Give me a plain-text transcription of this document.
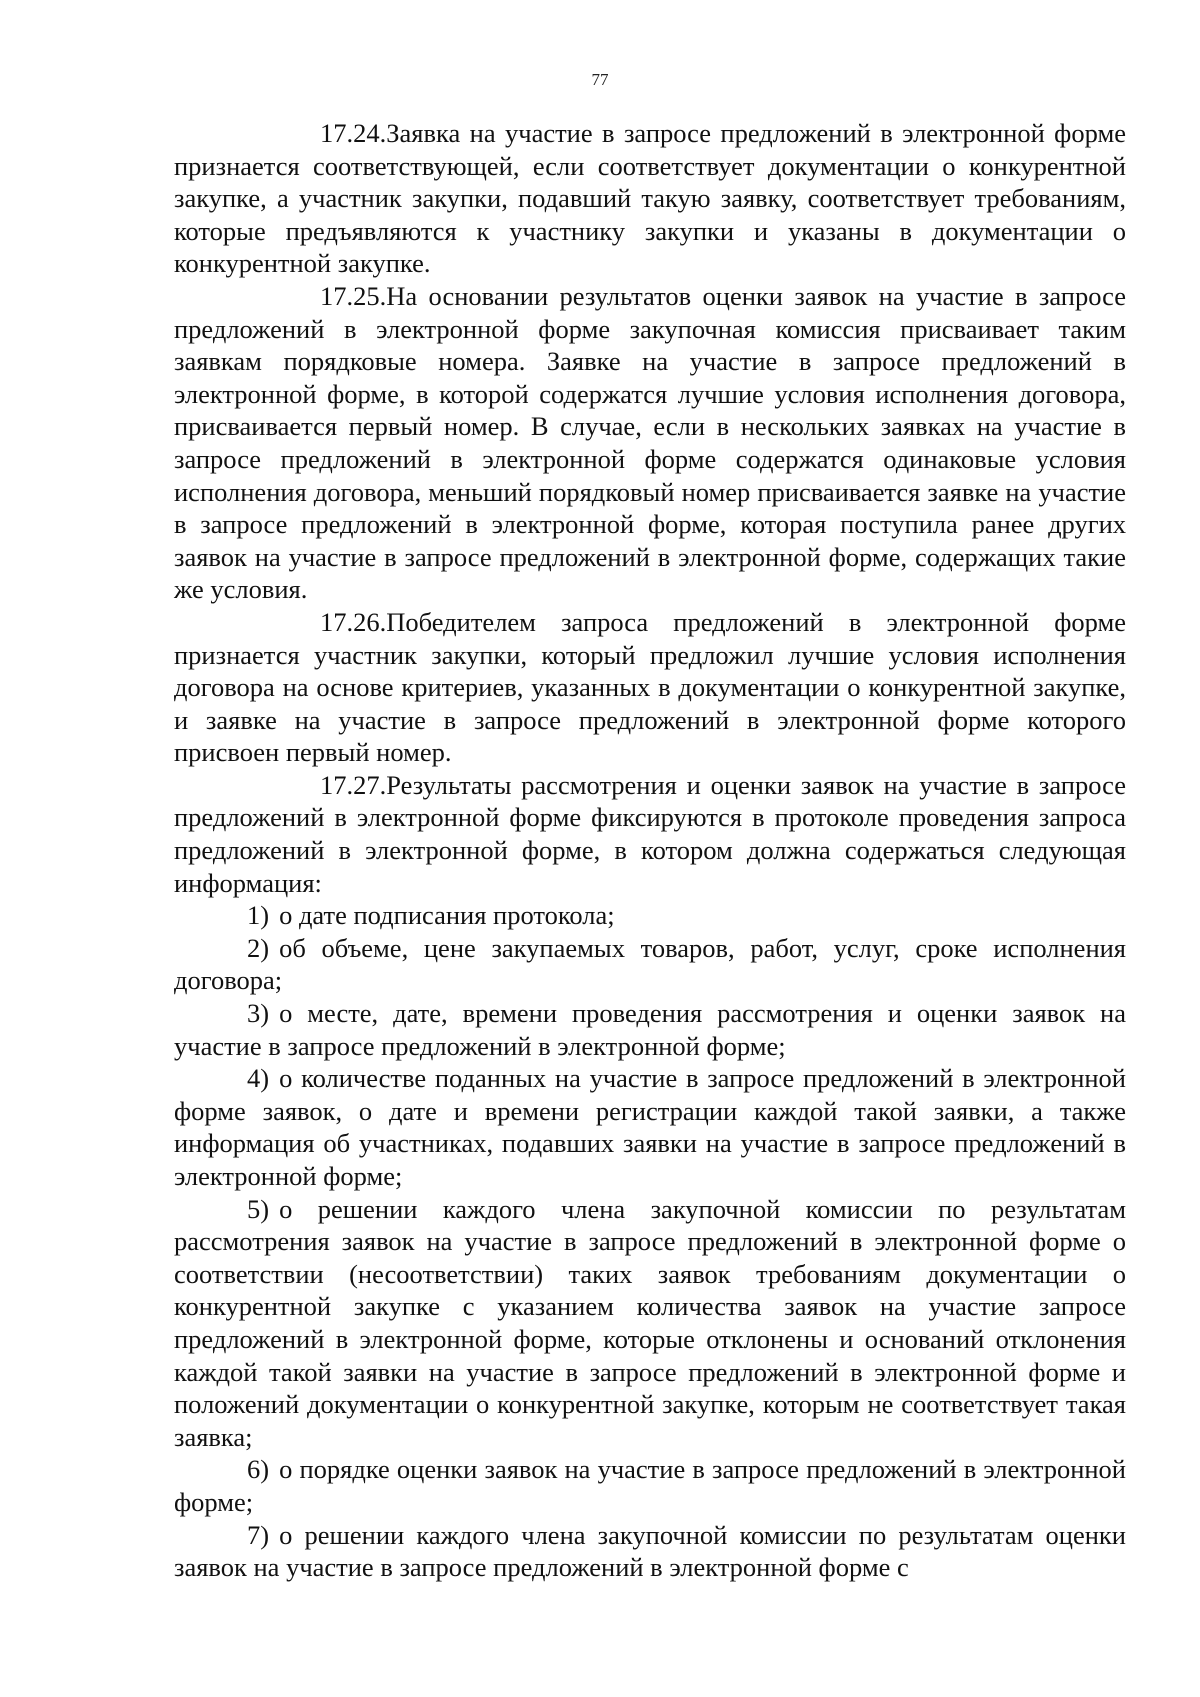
77

17.24.Заявка на участие в запросе предложений в электронной форме признается соответствующей, если соответствует документации о конкурентной закупке, а участник закупки, подавший такую заявку, соответствует требованиям, которые предъявляются к участнику закупки и указаны в документации о конкурентной закупке.

17.25.На основании результатов оценки заявок на участие в запросе предложений в электронной форме закупочная комиссия присваивает таким заявкам порядковые номера. Заявке на участие в запросе предложений в электронной форме, в которой содержатся лучшие условия исполнения договора, присваивается первый номер. В случае, если в нескольких заявках на участие в запросе предложений в электронной форме содержатся одинаковые условия исполнения договора, меньший порядковый номер присваивается заявке на участие в запросе предложений в электронной форме, которая поступила ранее других заявок на участие в запросе предложений в электронной форме, содержащих такие же условия.

17.26.Победителем запроса предложений в электронной форме признается участник закупки, который предложил лучшие условия исполнения договора на основе критериев, указанных в документации о конкурентной закупке, и заявке на участие в запросе предложений в электронной форме которого присвоен первый номер.

17.27.Результаты рассмотрения и оценки заявок на участие в запросе предложений в электронной форме фиксируются в протоколе проведения запроса предложений в электронной форме, в котором должна содержаться следующая информация:

1) о дате подписания протокола;

2) об объеме, цене закупаемых товаров, работ, услуг, сроке исполнения договора;

3) о месте, дате, времени проведения рассмотрения и оценки заявок на участие в запросе предложений в электронной форме;

4) о количестве поданных на участие в запросе предложений в электронной форме заявок, о дате и времени регистрации каждой такой заявки, а также информация об участниках, подавших заявки на участие в запросе предложений в электронной форме;

5) о решении каждого члена закупочной комиссии по результатам рассмотрения заявок на участие в запросе предложений в электронной форме о соответствии (несоответствии) таких заявок требованиям документации о конкурентной закупке с указанием количества заявок на участие запросе предложений в электронной форме, которые отклонены и оснований отклонения каждой такой заявки на участие в запросе предложений в электронной форме и положений документации о конкурентной закупке, которым не соответствует такая заявка;

6) о порядке оценки заявок на участие в запросе предложений в электронной форме;

7) о решении каждого члена закупочной комиссии по результатам оценки заявок на участие в запросе предложений в электронной форме с
